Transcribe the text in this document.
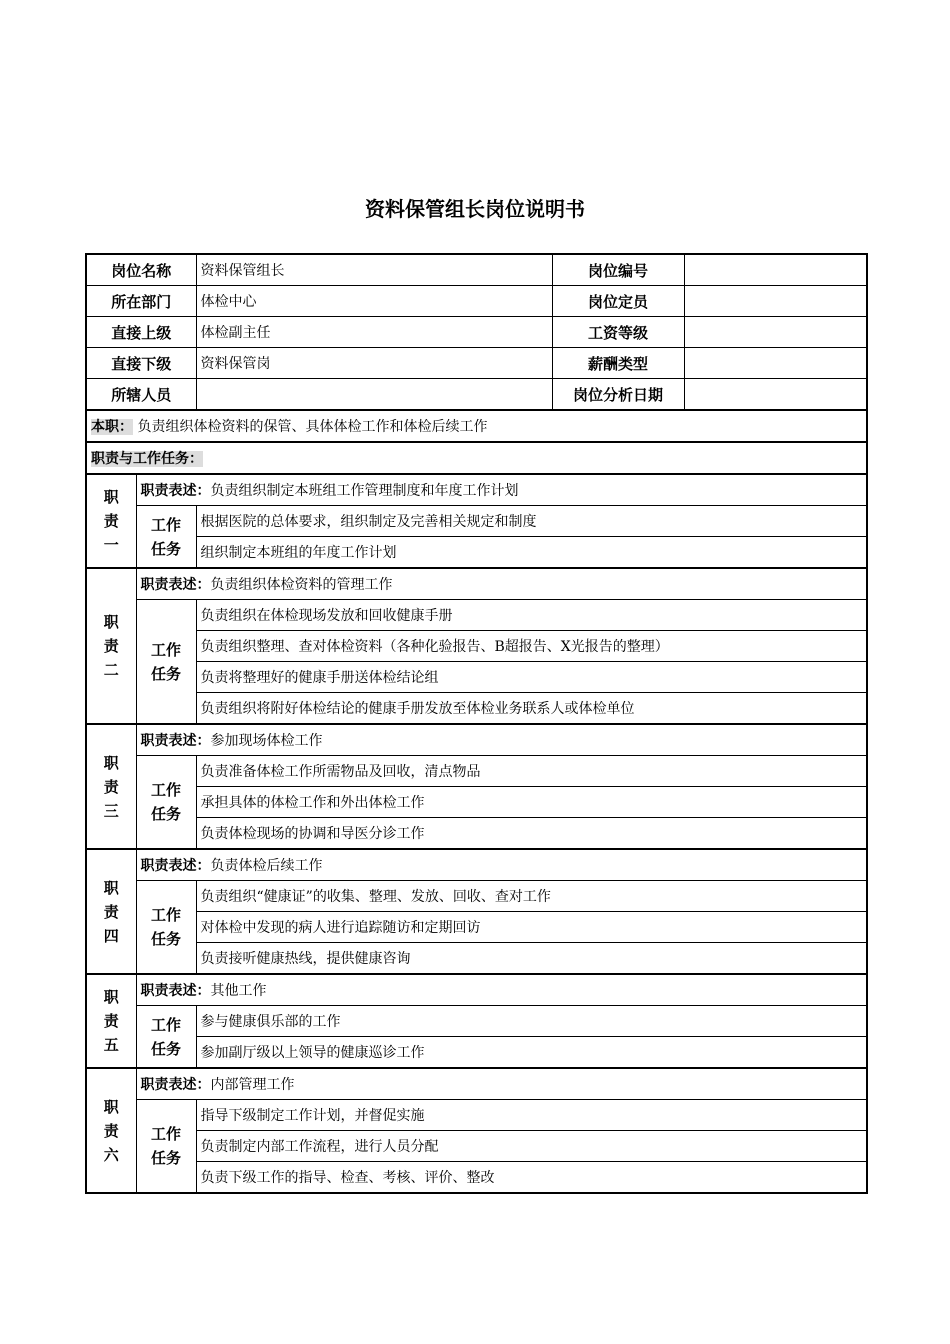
资料保管组长岗位说明书
岗位名称		资料保管组长	岗位编号	
所在部门		体检中心	岗位定员	
直接上级		体检副主任	工资等级	
直接下级		资料保管岗	薪酬类型	
所辖人员			岗位分析日期	
本职： 负责组织体检资料的保管、具体体检工作和体检后续工作				
职责与工作任务：				

职
责
一	职责表述：负责组织制定本班组工作管理制度和年度工作计划			
	工作
任务	根据医院的总体要求，组织制定及完善相关规定和制度		
		组织制定本班组的年度工作计划		

职
责
二	职责表述：负责组织体检资料的管理工作			
	工作
任务	负责组织在体检现场发放和回收健康手册		
		负责组织整理、查对体检资料（各种化验报告、B超报告、X光报告的整理）		
		负责将整理好的健康手册送体检结论组		
		负责组织将附好体检结论的健康手册发放至体检业务联系人或体检单位		

职
责
三	职责表述：参加现场体检工作			
	工作
任务	负责准备体检工作所需物品及回收，清点物品		
		承担具体的体检工作和外出体检工作		
		负责体检现场的协调和导医分诊工作		

职
责
四	职责表述：负责体检后续工作			
	工作
任务	负责组织“健康证”的收集、整理、发放、回收、查对工作		
		对体检中发现的病人进行追踪随访和定期回访		
		负责接听健康热线，提供健康咨询		

职
责
五	职责表述：其他工作			
	工作
任务	参与健康俱乐部的工作		
		参加副厅级以上领导的健康巡诊工作		

职
责
六	职责表述：内部管理工作			
	工作
任务	指导下级制定工作计划，并督促实施		
		负责制定内部工作流程，进行人员分配		
		负责下级工作的指导、检查、考核、评价、整改		
